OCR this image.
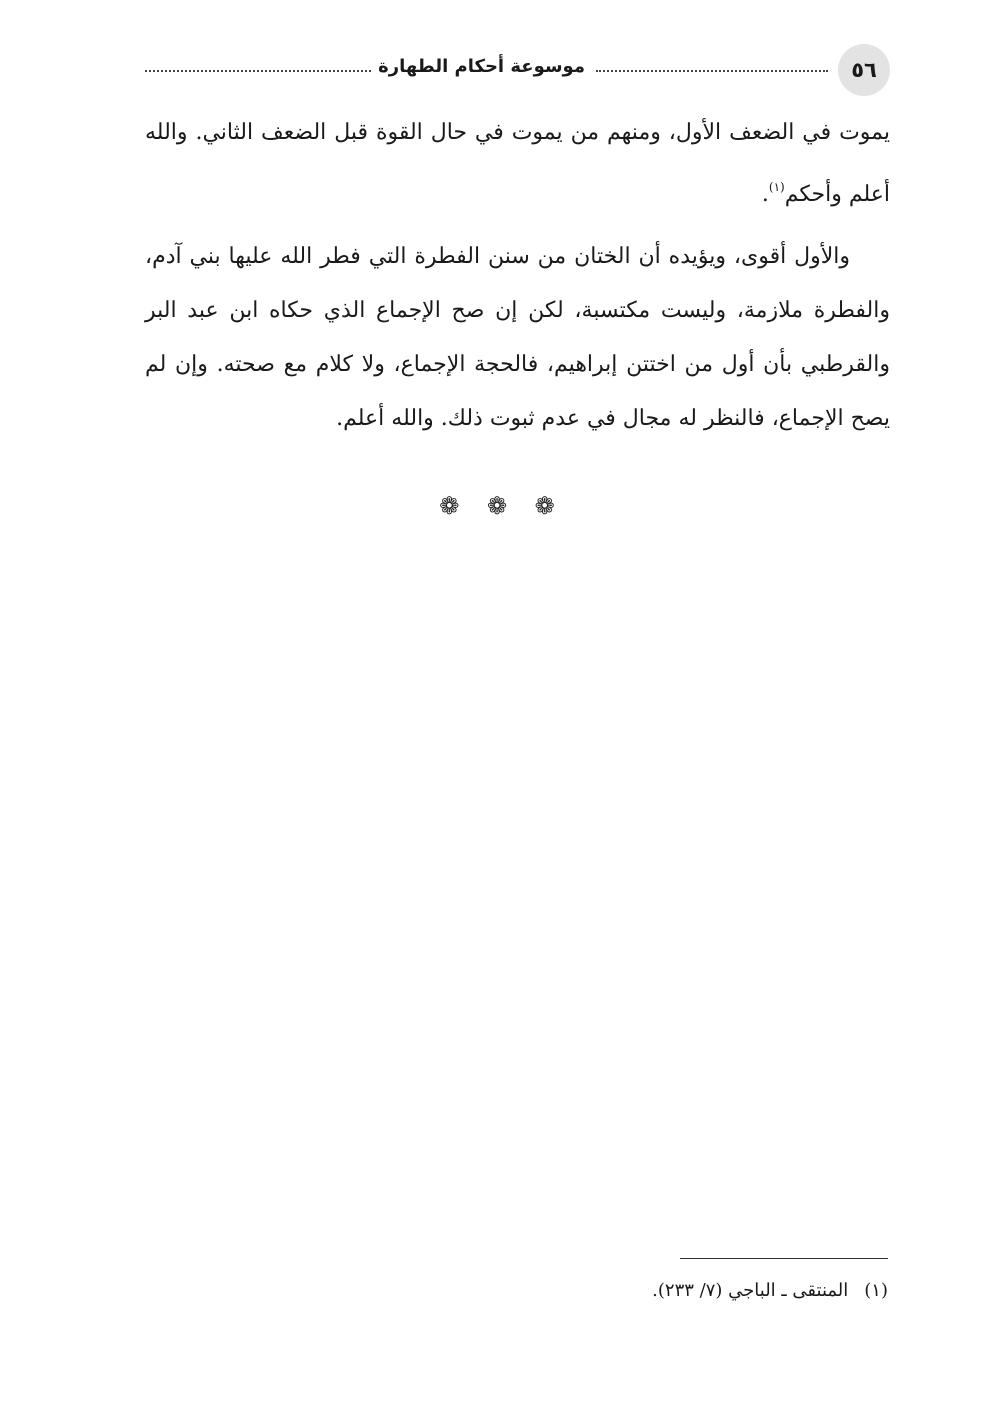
٥٦
موسوعة أحكام الطهارة

يموت في الضعف الأول، ومنهم من يموت في حال القوة قبل الضعف الثاني. والله أعلم وأحكم$^{(١)}$.

والأول أقوى، ويؤيده أن الختان من سنن الفطرة التي فطر الله عليها بني آدم، والفطرة ملازمة، وليست مكتسبة، لكن إن صح الإجماع الذي حكاه ابن عبد البر والقرطبي بأن أول من اختتن إبراهيم، فالحجة الإجماع، ولا كلام مع صحته. وإن لم يصح الإجماع، فالنظر له مجال في عدم ثبوت ذلك. والله أعلم.

❁ ❁ ❁
(١)المنتقى ـ الباجي (٧/ ٢٣٣).
